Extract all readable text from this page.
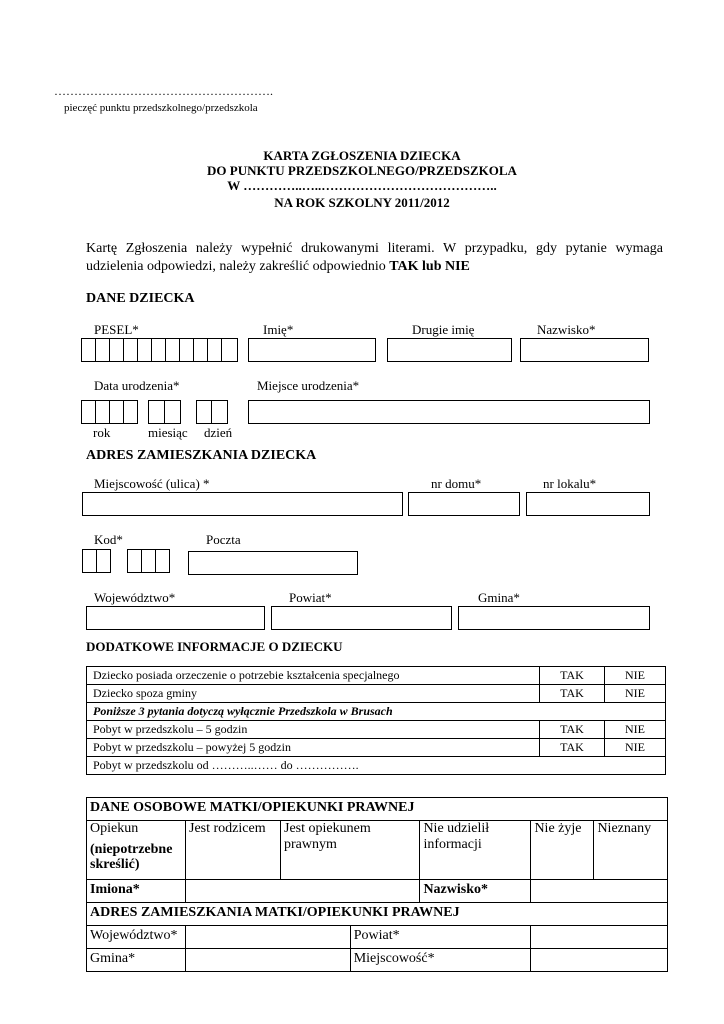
……………………………………………….
pieczęć punktu przedszkolnego/przedszkola
KARTA ZGŁOSZENIA DZIECKA
DO PUNKTU PRZEDSZKOLNEGO/PRZEDSZKOLA
W …………..…..…………………………………..
NA ROK SZKOLNY 2011/2012
Kartę Zgłoszenia należy wypełnić drukowanymi literami. W przypadku, gdy pytanie wymaga udzielenia odpowiedzi, należy zakreślić odpowiednio TAK lub NIE
DANE DZIECKA
PESEL*	Imię*	Drugie imię	Nazwisko*
Data urodzenia*	Miejsce urodzenia*
rok	miesiąc dzień
ADRES ZAMIESZKANIA DZIECKA
Miejscowość (ulica) *	nr domu*	nr lokalu*
Kod*	Poczta
Województwo*	Powiat*	Gmina*
DODATKOWE INFORMACJE O DZIECKU
Dziecko posiada orzeczenie o potrzebie kształcenia specjalnego	TAK	NIE
Dziecko spoza gminy	TAK	NIE
Poniższe 3 pytania dotyczą wyłącznie Przedszkola w Brusach		
Pobyt w przedszkolu – 5 godzin	TAK	NIE
Pobyt w przedszkolu – powyżej 5 godzin	TAK	NIE
Pobyt w przedszkolu od ………..…… do …………….		
DANE OSOBOWE MATKI/OPIEKUNKI PRAWNEJ						

Opiekun
(niepotrzebne skreślić)	Jest rodzicem	Jest opiekunem prawnym		Nie udzielił informacji	Nie żyje	Nieznany
Imiona*				Nazwisko*		
ADRES ZAMIESZKANIA MATKI/OPIEKUNKI PRAWNEJ						
Województwo*			Powiat*			
Gmina*			Miejscowość*			
